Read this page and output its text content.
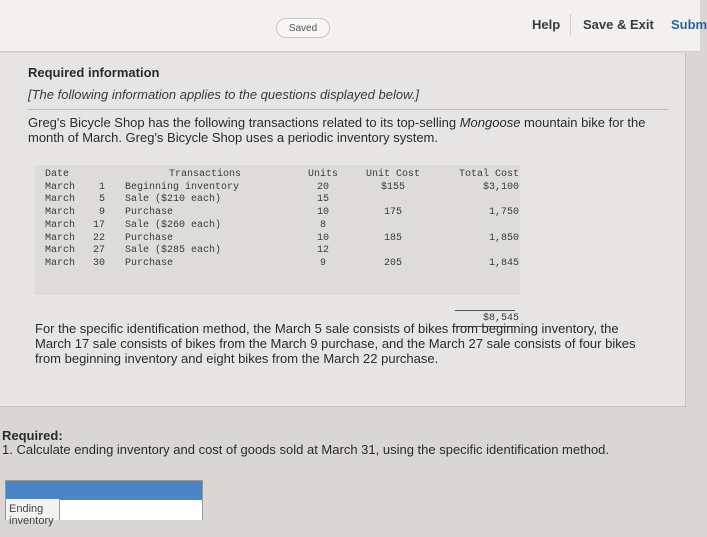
Saved	Help Save & Exit Subm
Required information
[The following information applies to the questions displayed below.]
Greg's Bicycle Shop has the following transactions related to its top-selling Mongoose mountain bike for the month of March. Greg's Bicycle Shop uses a periodic inventory system.
Date	Transactions	Units	Unit Cost	Total Cost
March	1 Beginning inventory	20	$155	$3,100
March	5 Sale ($210 each)	15
March	9 Purchase	10	175	1,750
March 17 Sale ($260 each)	8
March 22 Purchase	10	185	1,850
March 27 Sale ($285 each)	12
March 30 Purchase	9	205	1,845
$8,545
For the specific identification method, the March 5 sale consists of bikes from beginning inventory, the March 17 sale consists of bikes from the March 9 purchase, and the March 27 sale consists of four bikes from beginning inventory and eight bikes from the March 22 purchase.
Required:
1. Calculate ending inventory and cost of goods sold at March 31, using the specific identification method.
Ending inventory
